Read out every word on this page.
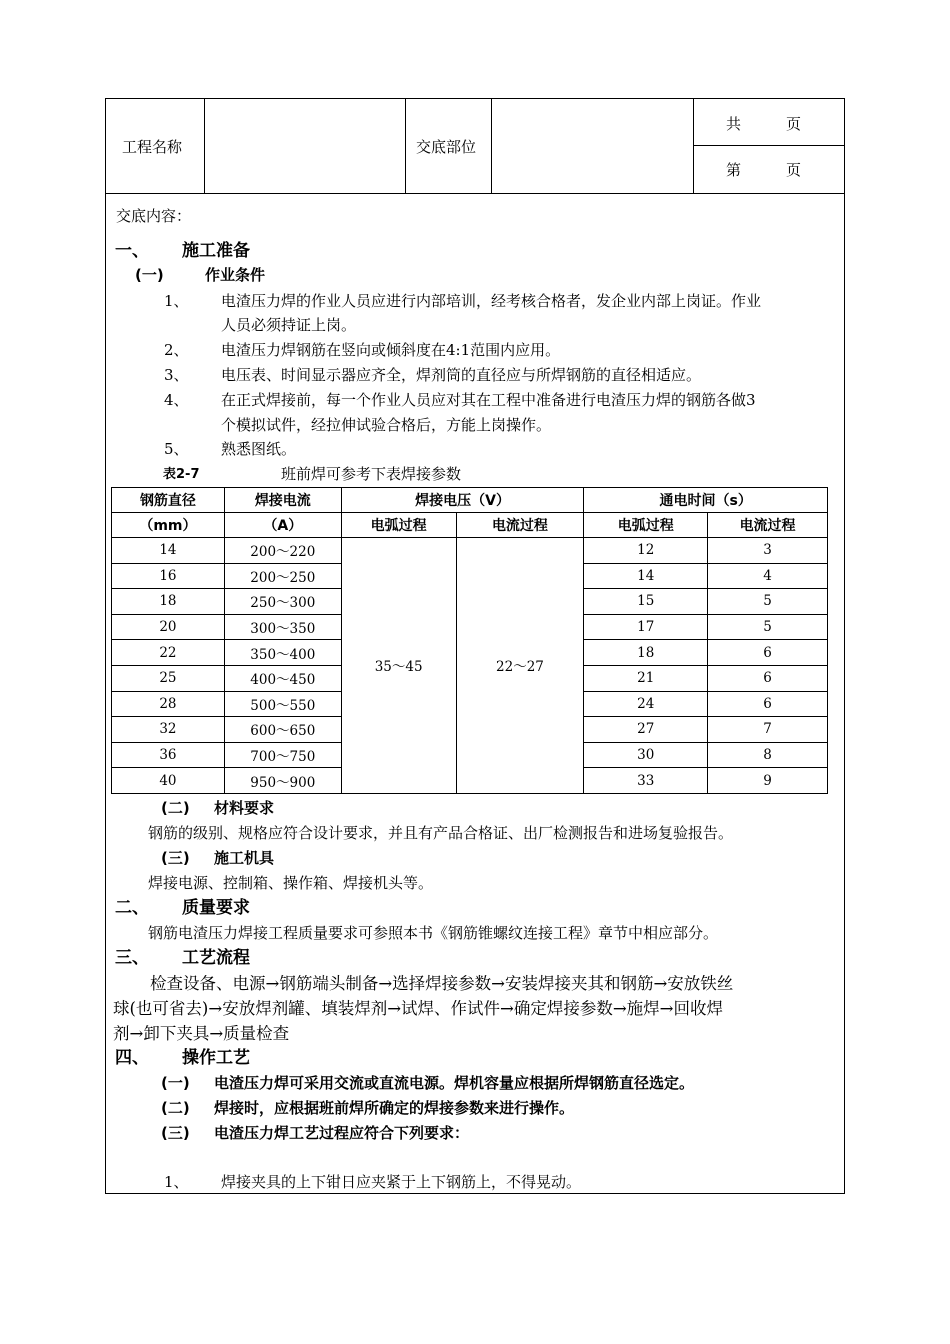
工程名称	交底部位
共　　　页
第　　　页
交底内容：
一、 施工准备
(一)	作业条件
1、 电渣压力焊的作业人员应进行内部培训，经考核合格者，发企业内部上岗证。作业
人员必须持证上岗。
2、 电渣压力焊钢筋在竖向或倾斜度在4:1范围内应用。
3、 电压表、时间显示器应齐全，焊剂筒的直径应与所焊钢筋的直径相适应。
4、 在正式焊接前，每一个作业人员应对其在工程中准备进行电渣压力焊的钢筋各做3
个模拟试件，经拉伸试验合格后，方能上岗操作。
5、 熟悉图纸。
表2-7	班前焊可参考下表焊接参数
钢筋直径	焊接电流	焊接电压（V）		通电时间（s）	
（mm）	（A）	电弧过程	电流过程	电弧过程	电流过程
14	200～220	35～45	22～27	12	3
16	200～250			14	4
18	250～300			15	5
20	300～350			17	5
22	350～400			18	6
25	400～450			21	6
28	500～550			24	6
32	600～650			27	7
36	700～750			30	8
40	950～900			33	9
(二) 材料要求
钢筋的级别、规格应符合设计要求，并且有产品合格证、出厂检测报告和进场复验报告。
(三) 施工机具
焊接电源、控制箱、操作箱、焊接机头等。
二、 质量要求
钢筋电渣压力焊接工程质量要求可参照本书《钢筋锥螺纹连接工程》章节中相应部分。
三、 工艺流程
检查设备、电源→钢筋端头制备→选择焊接参数→安装焊接夹其和钢筋→安放铁丝
球(也可省去)→安放焊剂罐、填装焊剂→试焊、作试件→确定焊接参数→施焊→回收焊
剂→卸下夹具→质量检查
四、 操作工艺
(一) 电渣压力焊可采用交流或直流电源。焊机容量应根据所焊钢筋直径选定。
(二) 焊接时，应根据班前焊所确定的焊接参数来进行操作。
(三) 电渣压力焊工艺过程应符合下列要求：
1、 焊接夹具的上下钳日应夹紧于上下钢筋上，不得晃动。
